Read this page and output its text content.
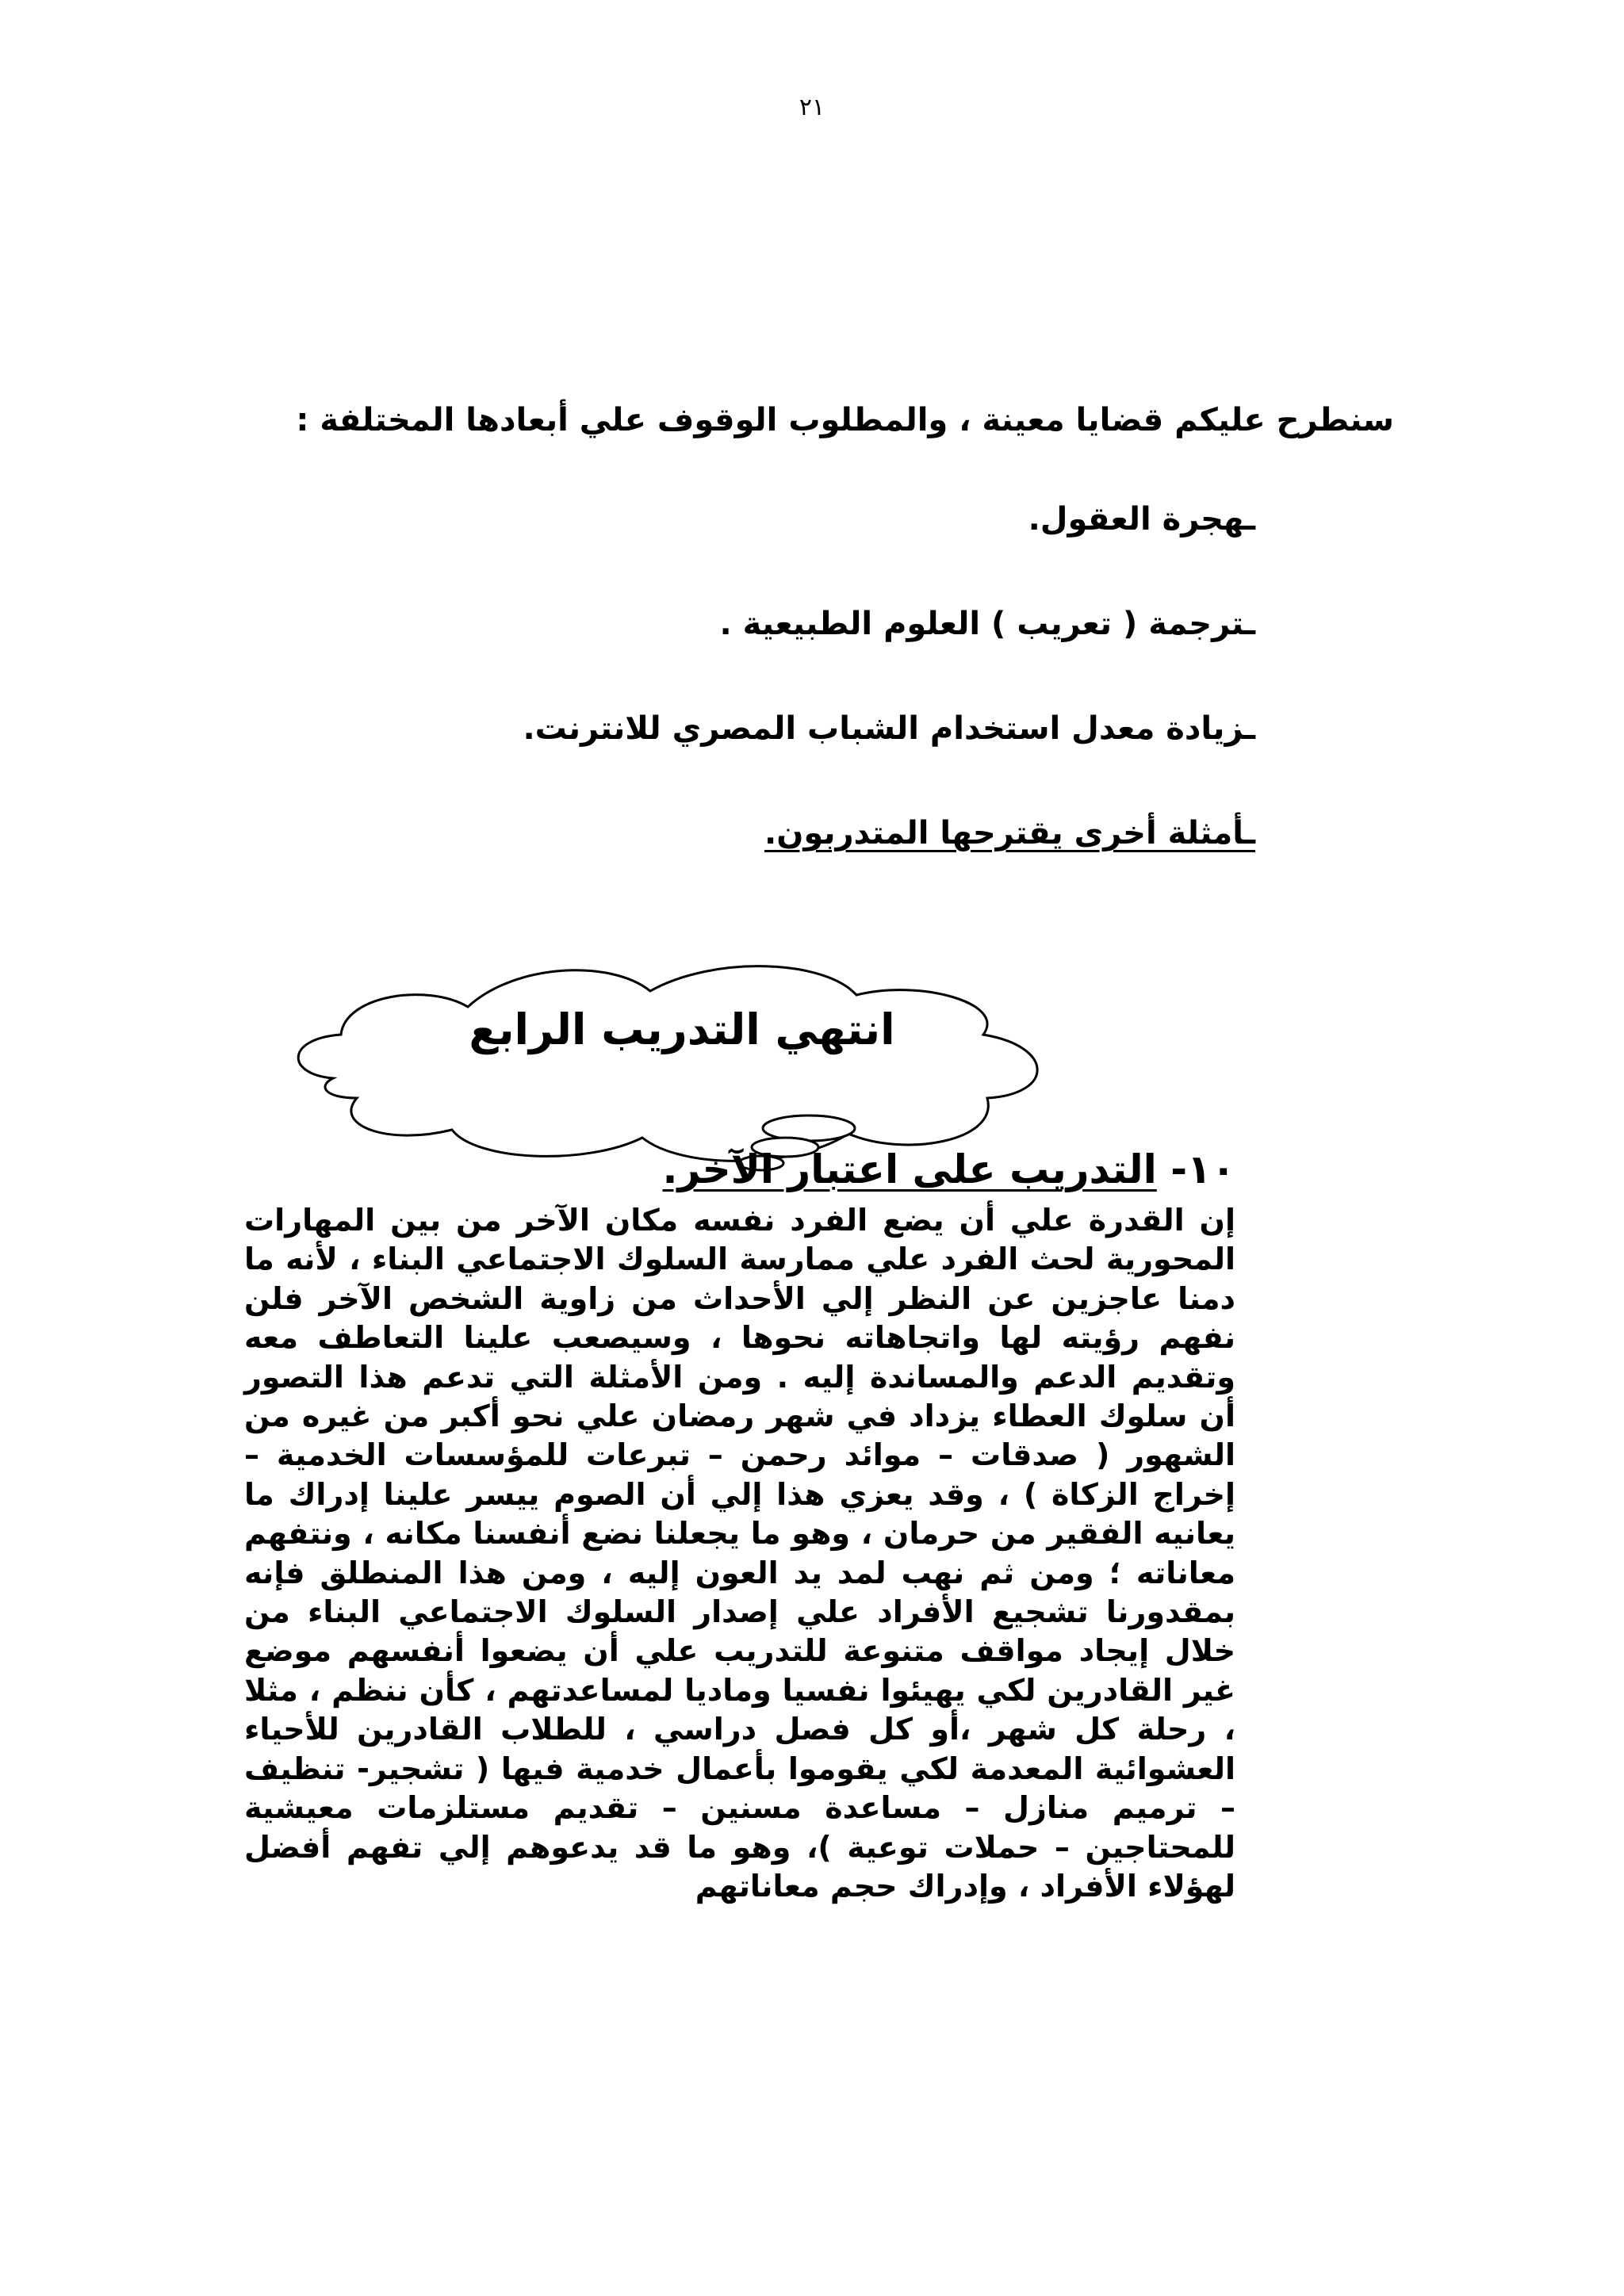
٢١
سنطرح عليكم قضايا معينة ، والمطلوب الوقوف علي أبعادها المختلفة :
ـهجرة العقول.
ـترجمة ( تعريب ) العلوم الطبيعية .
ـزيادة معدل استخدام الشباب المصري للانترنت.
ـأمثلة أخرى يقترحها المتدربون.
انتهي التدريب الرابع
١٠- التدريب على اعتبار الآخر.
إن القدرة علي أن يضع الفرد نفسه مكان الآخر من بين المهارات المحورية لحث الفرد علي ممارسة السلوك الاجتماعي البناء ، لأنه ما دمنا عاجزين عن النظر إلي الأحداث من زاوية الشخص الآخر فلن نفهم رؤيته لها واتجاهاته نحوها ، وسيصعب علينا التعاطف معه وتقديم الدعم والمساندة إليه . ومن الأمثلة التي تدعم هذا التصور أن سلوك العطاء يزداد في شهر رمضان علي نحو أكبر من غيره من الشهور ( صدقات – موائد رحمن – تبرعات للمؤسسات الخدمية – إخراج الزكاة ) ، وقد يعزي هذا إلي أن الصوم ييسر علينا إدراك ما يعانيه الفقير من حرمان ، وهو ما يجعلنا نضع أنفسنا مكانه ، ونتفهم معاناته ؛ ومن ثم نهب لمد يد العون إليه ، ومن هذا المنطلق فإنه بمقدورنا تشجيع الأفراد علي إصدار السلوك الاجتماعي البناء من خلال إيجاد مواقف متنوعة للتدريب علي أن يضعوا أنفسهم موضع غير القادرين لكي يهيئوا نفسيا وماديا لمساعدتهم ، كأن ننظم ، مثلا ، رحلة كل شهر ،أو كل فصل دراسي ، للطلاب القادرين للأحياء العشوائية المعدمة لكي يقوموا بأعمال خدمية فيها ( تشجير- تنظيف – ترميم منازل – مساعدة مسنين – تقديم مستلزمات معيشية للمحتاجين – حملات توعية )، وهو ما قد يدعوهم إلي تفهم أفضل لهؤلاء الأفراد ، وإدراك حجم معاناتهم
